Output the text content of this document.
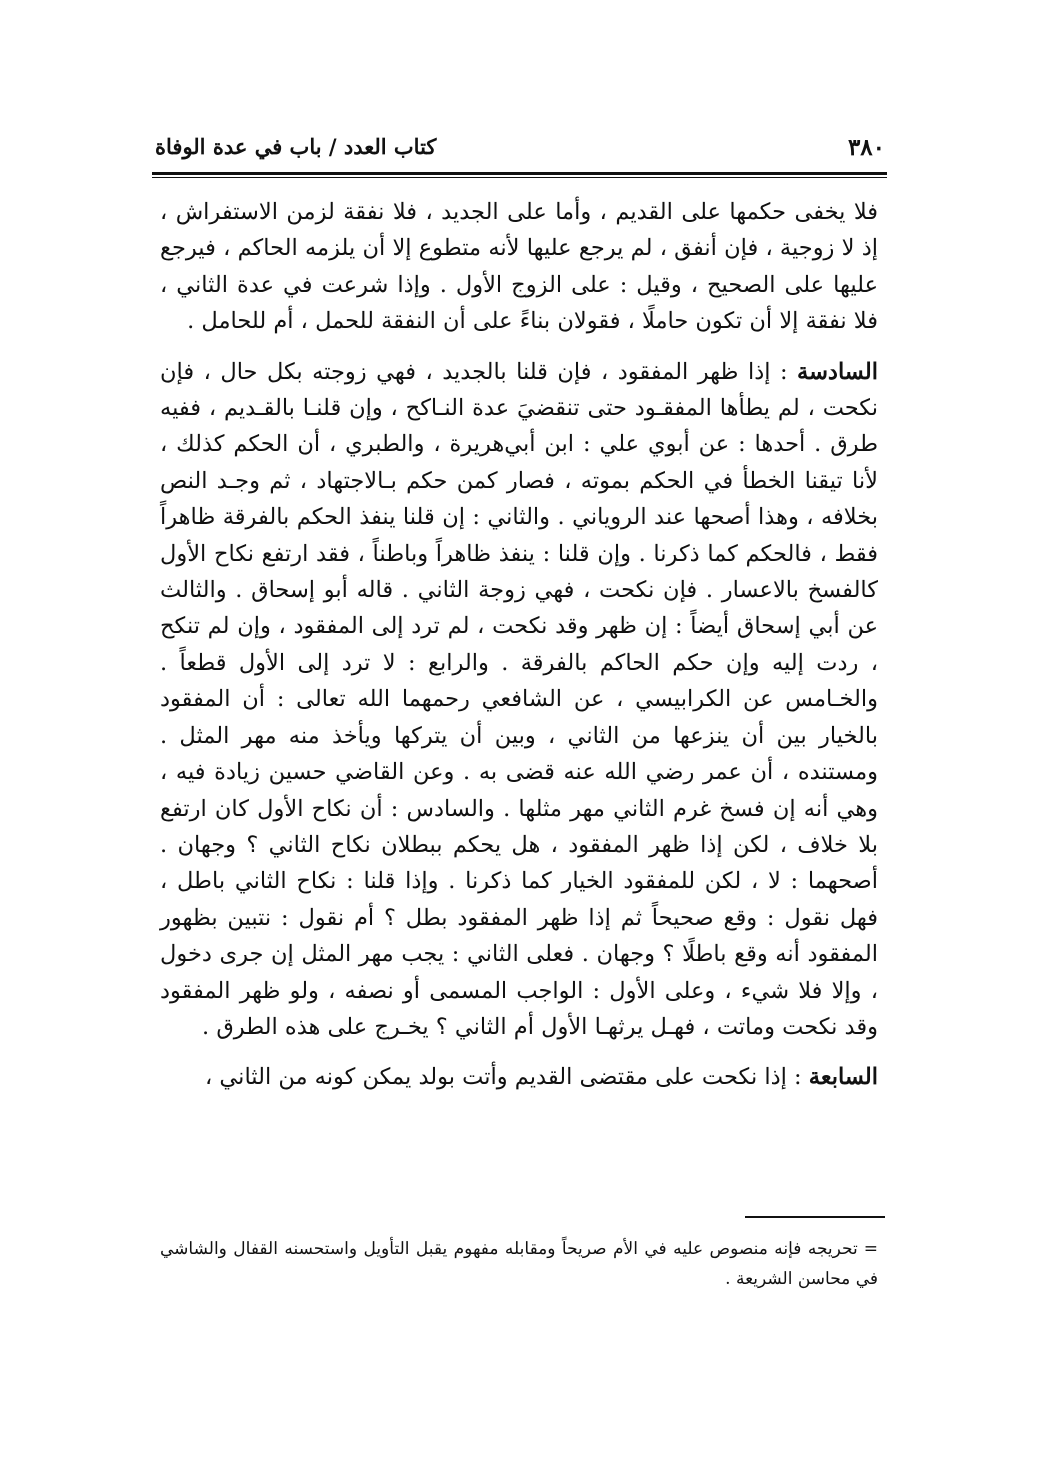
٣٨٠
كتاب العدد / باب في عدة الوفاة

فلا يخفى حكمها على القديم ، وأما على الجديد ، فلا نفقة لزمن الاستفراش ، إذ لا زوجية ، فإن أنفق ، لم يرجع عليها لأنه متطوع إلا أن يلزمه الحاكم ، فيرجع عليها على الصحيح ، وقيل : على الزوج الأول . وإذا شرعت في عدة الثاني ، فلا نفقة إلا أن تكون حاملًا ، فقولان بناءً على أن النفقة للحمل ، أم للحامل .

السادسة : إذا ظهر المفقود ، فإن قلنا بالجديد ، فهي زوجته بكل حال ، فإن نكحت ، لم يطأها المفقـود حتى تنقضيَ عدة النـاكح ، وإن قلنـا بالقـديم ، ففيه طرق . أحدها : عن أبوي علي : ابن أبي‌هريرة ، والطبري ، أن الحكم كذلك ، لأنا تيقنا الخطأ في الحكم بموته ، فصار كمن حكم بـالاجتهاد ، ثم وجـد النص بخلافه ، وهذا أصحها عند الروياني . والثاني : إن قلنا ينفذ الحكم بالفرقة ظاهراً فقط ، فالحكم كما ذكرنا . وإن قلنا : ينفذ ظاهراً وباطناً ، فقد ارتفع نكاح الأول كالفسخ بالاعسار . فإن نكحت ، فهي زوجة الثاني . قاله أبو إسحاق . والثالث عن أبي إسحاق أيضاً : إن ظهر وقد نكحت ، لم ترد إلى المفقود ، وإن لم تنكح ، ردت إليه وإن حكم الحاكم بالفرقة . والرابع : لا ترد إلى الأول قطعاً . والخـامس عن الكرابيسي ، عن الشافعي رحمهما الله تعالى : أن المفقود بالخيار بين أن ينزعها من الثاني ، وبين أن يتركها ويأخذ منه مهر المثل . ومستنده ، أن عمر رضي الله عنه قضى به . وعن القاضي حسين زيادة فيه ، وهي أنه إن فسخ غرم الثاني مهر مثلها . والسادس : أن نكاح الأول كان ارتفع بلا خلاف ، لكن إذا ظهر المفقود ، هل يحكم ببطلان نكاح الثاني ؟ وجهان . أصحهما : لا ، لكن للمفقود الخيار كما ذكرنا . وإذا قلنا : نكاح الثاني باطل ، فهل نقول : وقع صحيحاً ثم إذا ظهر المفقود بطل ؟ أم نقول : نتبين بظهور المفقود أنه وقع باطلًا ؟ وجهان . فعلى الثاني : يجب مهر المثل إن جرى دخول ، وإلا فلا شيء ، وعلى الأول : الواجب المسمى أو نصفه ، ولو ظهر المفقود وقد نكحت وماتت ، فهـل يرثهـا الأول أم الثاني ؟ يخـرج على هذه الطرق .

السابعة : إذا نكحت على مقتضى القديم وأتت بولد يمكن كونه من الثاني ،

=تحريجه فإنه منصوص عليه في الأم صريحاً ومقابله مفهوم يقبل التأويل واستحسنه القفال والشاشي في محاسن الشريعة .
